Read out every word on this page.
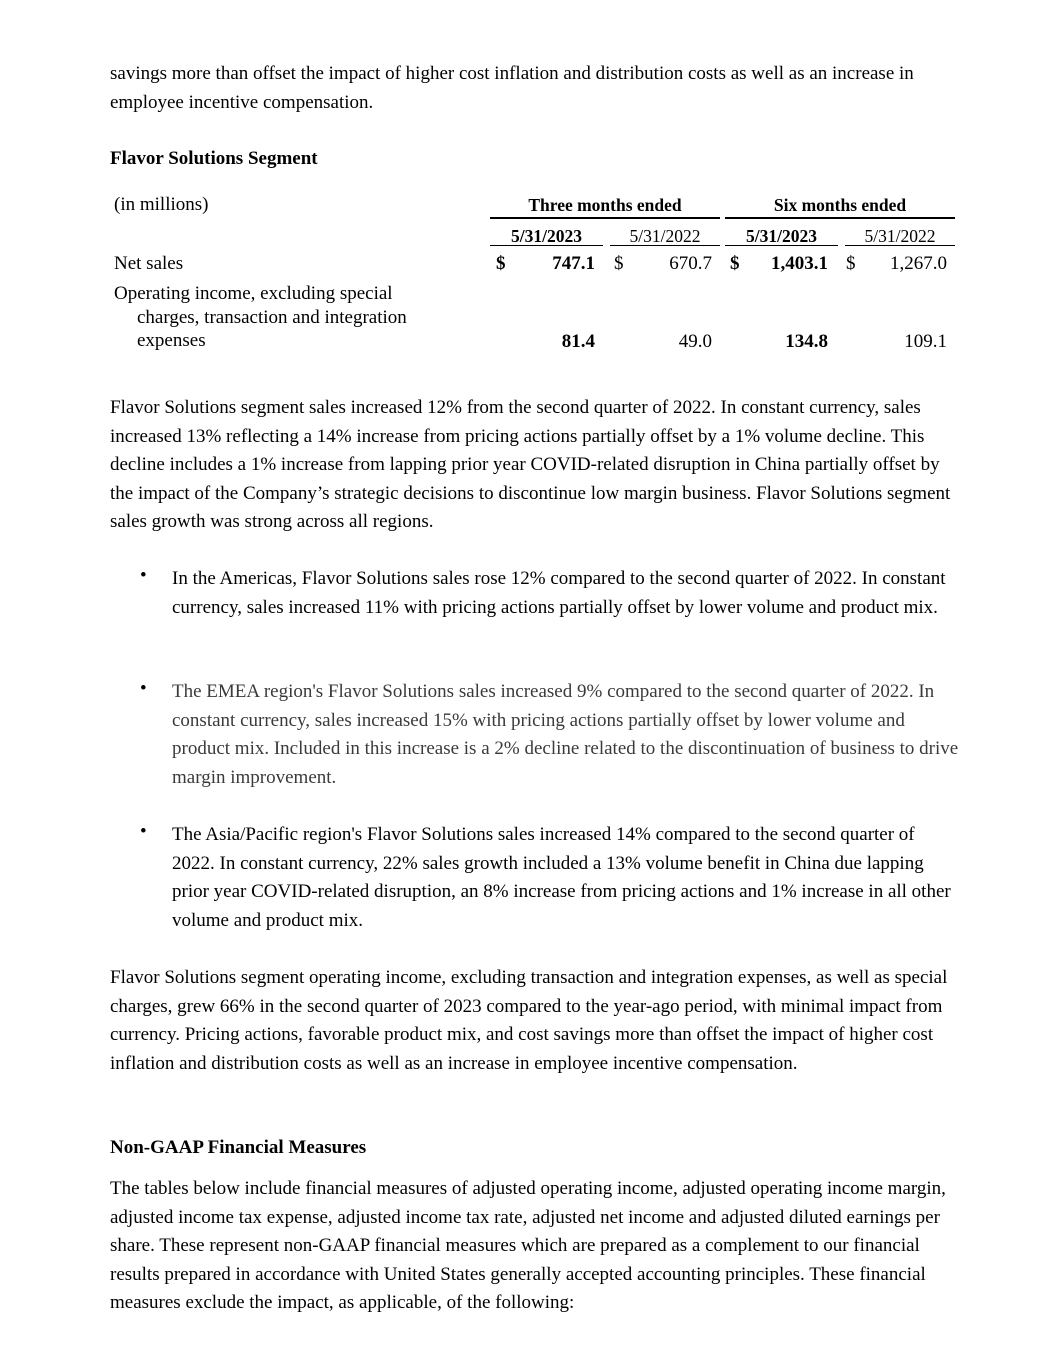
savings more than offset the impact of higher cost inflation and distribution costs as well as an increase in employee incentive compensation.

Flavor Solutions Segment

(in millions)	Three months ended	Six months ended
5/31/2023	5/31/2022	5/31/2023	5/31/2022
Net sales	$	747.1 $	670.7 $	1,403.1 $	1,267.0
Operating income, excluding special
charges, transaction and integration
expenses	81.4	49.0	134.8	109.1

Flavor Solutions segment sales increased 12% from the second quarter of 2022. In constant currency, sales increased 13% reflecting a 14% increase from pricing actions partially offset by a 1% volume decline. This decline includes a 1% increase from lapping prior year COVID-related disruption in China partially offset by the impact of the Company’s strategic decisions to discontinue low margin business. Flavor Solutions segment sales growth was strong across all regions.

• In the Americas, Flavor Solutions sales rose 12% compared to the second quarter of 2022. In constant currency, sales increased 11% with pricing actions partially offset by lower volume and product mix.

• The EMEA region's Flavor Solutions sales increased 9% compared to the second quarter of 2022. In constant currency, sales increased 15% with pricing actions partially offset by lower volume and product mix. Included in this increase is a 2% decline related to the discontinuation of business to drive margin improvement.

• The Asia/Pacific region's Flavor Solutions sales increased 14% compared to the second quarter of 2022. In constant currency, 22% sales growth included a 13% volume benefit in China due lapping prior year COVID-related disruption, an 8% increase from pricing actions and 1% increase in all other volume and product mix.

Flavor Solutions segment operating income, excluding transaction and integration expenses, as well as special charges, grew 66% in the second quarter of 2023 compared to the year-ago period, with minimal impact from currency. Pricing actions, favorable product mix, and cost savings more than offset the impact of higher cost inflation and distribution costs as well as an increase in employee incentive compensation.

Non-GAAP Financial Measures

The tables below include financial measures of adjusted operating income, adjusted operating income margin, adjusted income tax expense, adjusted income tax rate, adjusted net income and adjusted diluted earnings per share. These represent non-GAAP financial measures which are prepared as a complement to our financial results prepared in accordance with United States generally accepted accounting principles. These financial measures exclude the impact, as applicable, of the following:
